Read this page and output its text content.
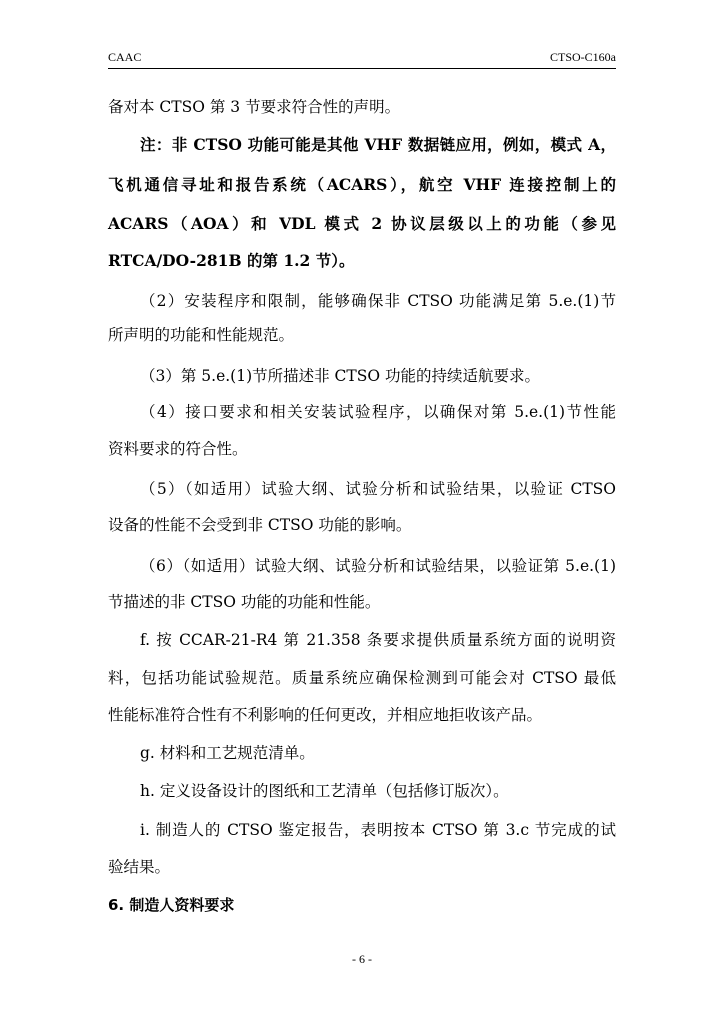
CAAC	CTSO-C160a
备对本 CTSO 第 3 节要求符合性的声明。
注：非 CTSO 功能可能是其他 VHF 数据链应用，例如，模式 A，
飞机通信寻址和报告系统（ACARS），航空 VHF 连接控制上的
ACARS（AOA）和 VDL 模式 2 协议层级以上的功能（参见
RTCA/DO-281B 的第 1.2 节）。
（2）安装程序和限制，能够确保非 CTSO 功能满足第 5.e.(1)节
所声明的功能和性能规范。
（3）第 5.e.(1)节所描述非 CTSO 功能的持续适航要求。
（4）接口要求和相关安装试验程序，以确保对第 5.e.(1)节性能
资料要求的符合性。
（5）（如适用）试验大纲、试验分析和试验结果，以验证 CTSO
设备的性能不会受到非 CTSO 功能的影响。
（6）（如适用）试验大纲、试验分析和试验结果，以验证第 5.e.(1)
节描述的非 CTSO 功能的功能和性能。
f. 按 CCAR-21-R4 第 21.358 条要求提供质量系统方面的说明资
料，包括功能试验规范。质量系统应确保检测到可能会对 CTSO 最低
性能标准符合性有不利影响的任何更改，并相应地拒收该产品。
g. 材料和工艺规范清单。
h. 定义设备设计的图纸和工艺清单（包括修订版次）。
i. 制造人的 CTSO 鉴定报告，表明按本 CTSO 第 3.c 节完成的试
验结果。
6. 制造人资料要求
- 6 -
